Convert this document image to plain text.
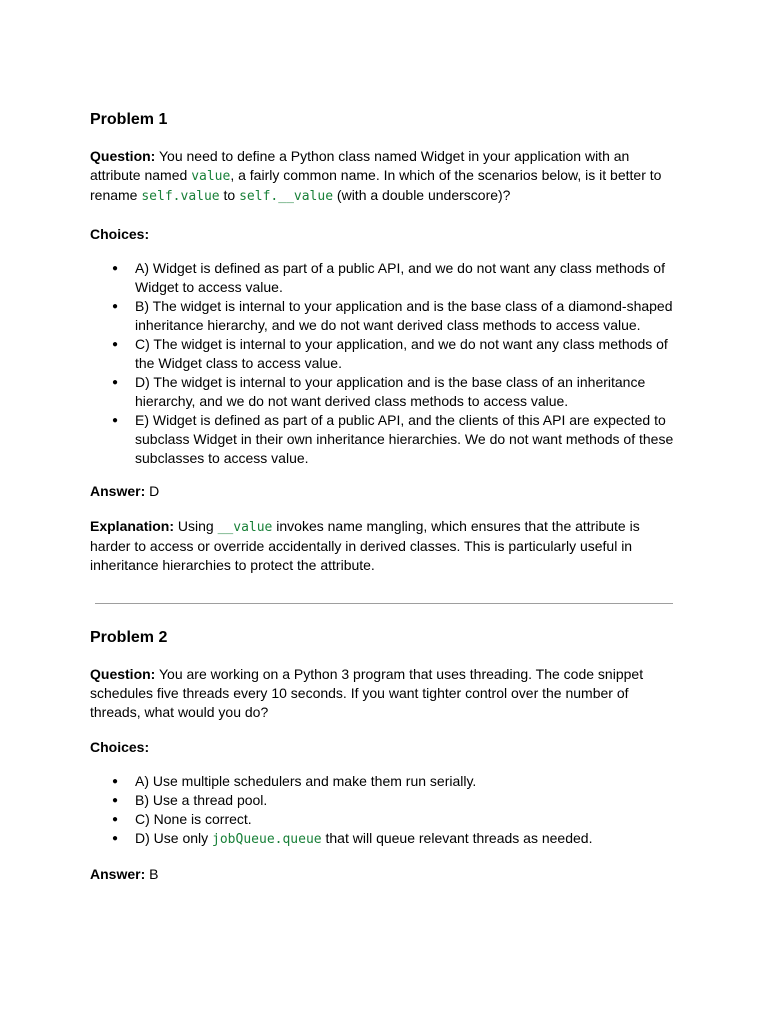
Problem 1

Question: You need to define a Python class named Widget in your application with an attribute named value, a fairly common name. In which of the scenarios below, is it better to rename self.value to self.__value (with a double underscore)?

Choices:

● A) Widget is defined as part of a public API, and we do not want any class methods of Widget to access value.
● B) The widget is internal to your application and is the base class of a diamond-shaped inheritance hierarchy, and we do not want derived class methods to access value.
● C) The widget is internal to your application, and we do not want any class methods of the Widget class to access value.
● D) The widget is internal to your application and is the base class of an inheritance hierarchy, and we do not want derived class methods to access value.
● E) Widget is defined as part of a public API, and the clients of this API are expected to subclass Widget in their own inheritance hierarchies. We do not want methods of these subclasses to access value.

Answer: D

Explanation: Using __value invokes name mangling, which ensures that the attribute is harder to access or override accidentally in derived classes. This is particularly useful in inheritance hierarchies to protect the attribute.

Problem 2

Question: You are working on a Python 3 program that uses threading. The code snippet schedules five threads every 10 seconds. If you want tighter control over the number of threads, what would you do?

Choices:

● A) Use multiple schedulers and make them run serially.
● B) Use a thread pool.
● C) None is correct.
● D) Use only jobQueue.queue that will queue relevant threads as needed.

Answer: B
